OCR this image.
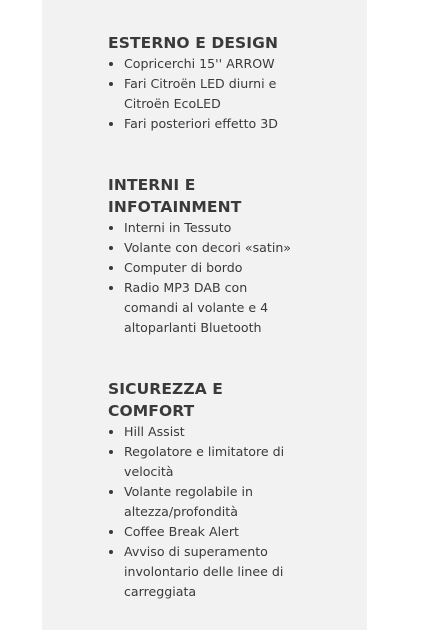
ESTERNO E DESIGN
Copricerchi 15'' ARROW
Fari Citroën LED diurni e Citroën EcoLED
Fari posteriori effetto 3D
INTERNI E INFOTAINMENT
Interni in Tessuto
Volante con decori «satin»
Computer di bordo
Radio MP3 DAB con comandi al volante e 4 altoparlanti Bluetooth
SICUREZZA E COMFORT
Hill Assist
Regolatore e limitatore di velocità
Volante regolabile in altezza/profondità
Coffee Break Alert
Avviso di superamento involontario delle linee di carreggiata
